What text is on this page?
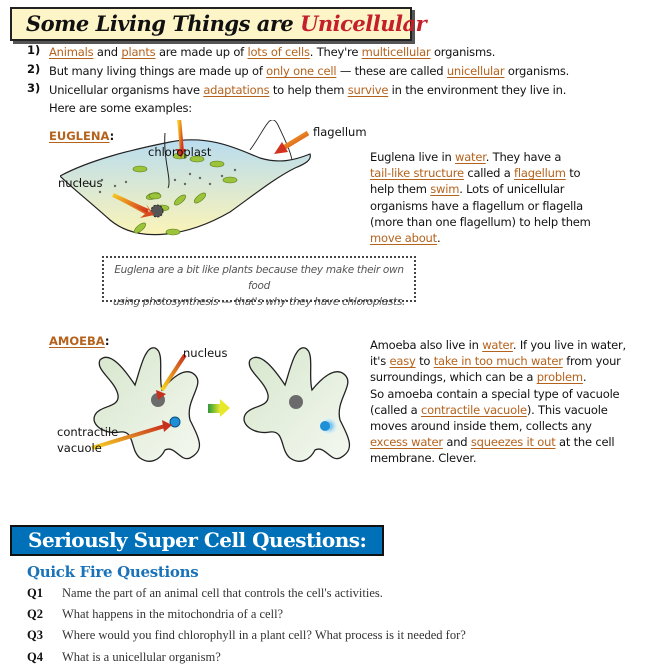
Some Living Things are Unicellular
1) Animals and plants are made up of lots of cells. They're multicellular organisms.
2) But many living things are made up of only one cell — these are called unicellular organisms.
3) Unicellular organisms have adaptations to help them survive in the environment they live in.
Here are some examples:
EUGLENA:	flagellum
chloroplast
nucleus
Euglena live in water. They have a
tail-like structure called a flagellum to
help them swim. Lots of unicellular
organisms have a flagellum or flagella
(more than one flagellum) to help them
move about.
Euglena are a bit like plants because they make their own food
using photosynthesis — that's why they have chloroplasts.
AMOEBA:
nucleus
contractile
vacuole
Amoeba also live in water. If you live in water,
it's easy to take in too much water from your
surroundings, which can be a problem.
So amoeba contain a special type of vacuole
(called a contractile vacuole). This vacuole
moves around inside them, collects any
excess water and squeezes it out at the cell
membrane. Clever.
Seriously Super Cell Questions:
Quick Fire Questions
Q1 Name the part of an animal cell that controls the cell's activities.
Q2 What happens in the mitochondria of a cell?
Q3 Where would you find chlorophyll in a plant cell? What process is it needed for?
Q4 What is a unicellular organism?
